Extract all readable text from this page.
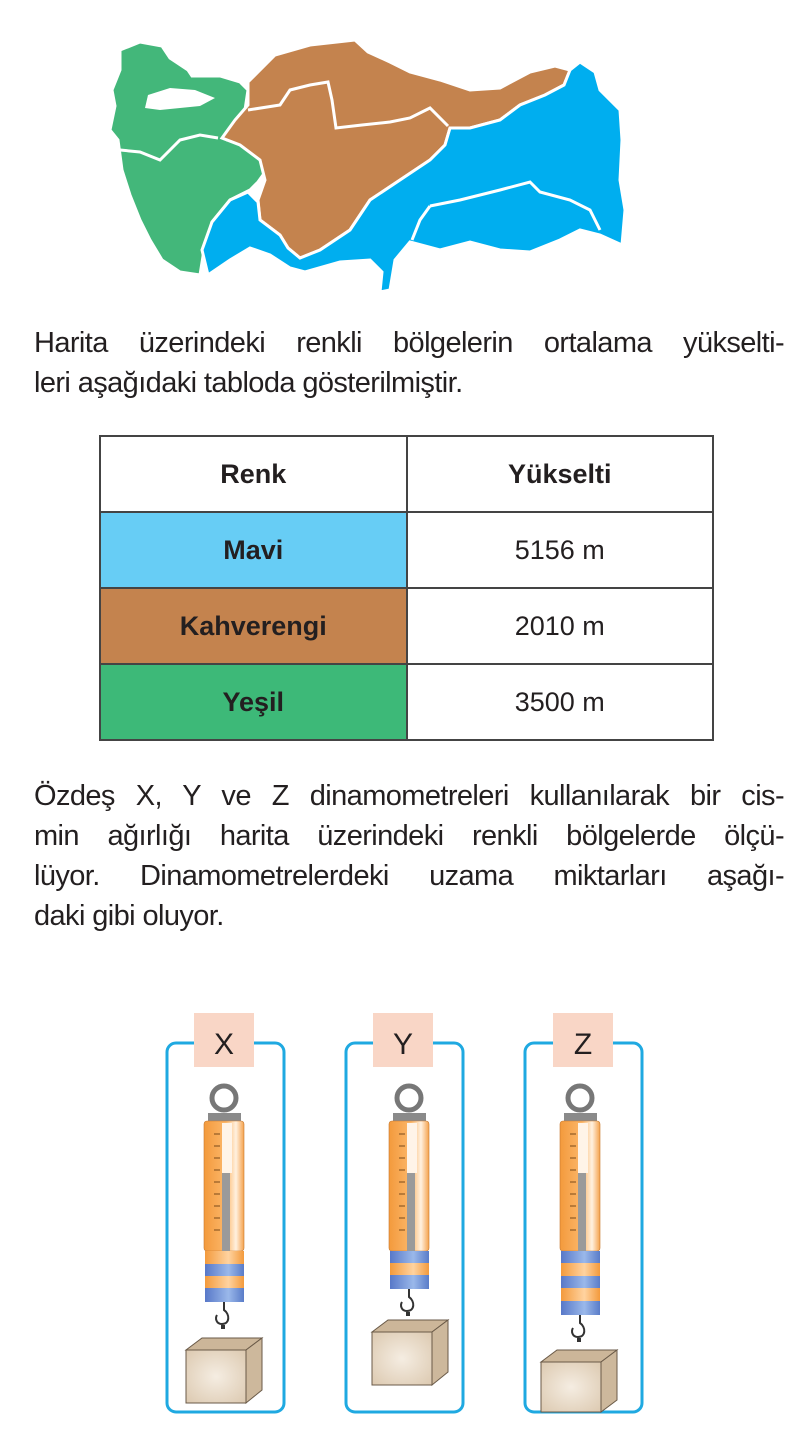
Harita üzerindeki renkli bölgelerin ortalama yükselti-
leri aşağıdaki tabloda gösterilmiştir.
Renk	Yükselti
Mavi	5156 m
Kahverengi	2010 m
Yeşil	3500 m
Özdeş X, Y ve Z dinamometreleri kullanılarak bir cis-
min ağırlığı harita üzerindeki renkli bölgelerde ölçü-
lüyor. Dinamometrelerdeki uzama miktarları aşağı-
daki gibi oluyor.
X	Y	Z
